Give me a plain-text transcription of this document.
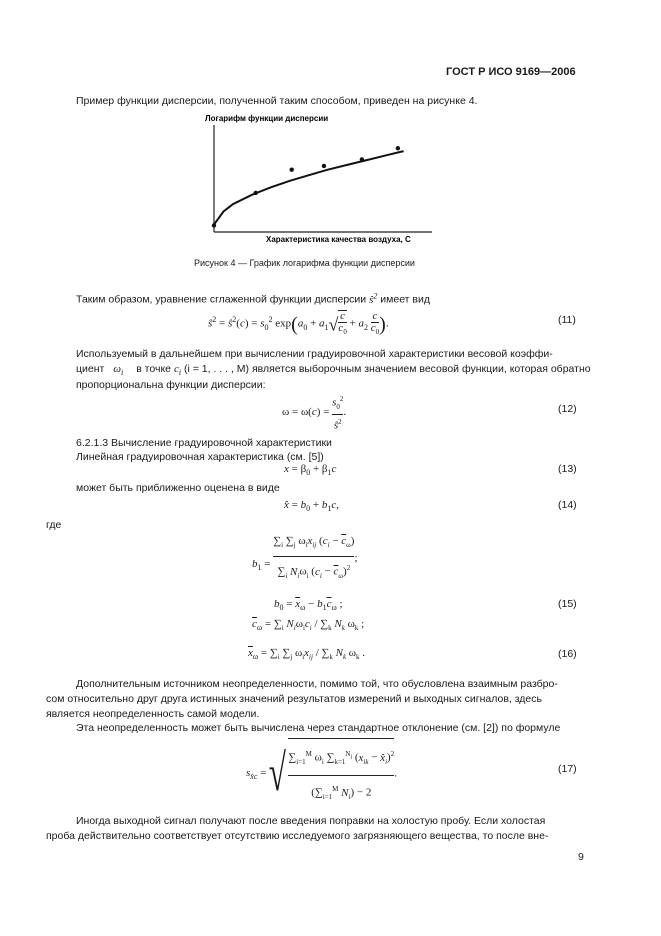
ГОСТ Р ИСО 9169—2006
Пример функции дисперсии, полученной таким способом, приведен на рисунке 4.
Логарифм функции дисперсии
Характеристика качества воздуха, C
Рисунок 4 — График логарифма функции дисперсии
Таким образом, уравнение сглаженной функции дисперсии $ŝ^2$ имеет вид
$ŝ^2$ = $ŝ^2(c) = s_0^2$ $\exp(a_0 + a_1√ \frac{c}{c_0} + a_2 \frac{c}{c_0}$ ).	(11)
Используемый в дальнейшем при вычислении градуировочной характеристики весовой коэффи-
циент $\omega_i$ в точке $c_i$ (i = 1, . . . , M) является выборочным значением весовой функции, которая обратно
пропорциональна функции дисперсии:
$\omega = \omega(c) = \frac{s_0^2}{ŝ^2}$ .	(12)
6.2.1.3 Вычисление градуировочной характеристики
Линейная градуировочная характеристика (см. [5])
$x = \beta_0 + \beta_1c$	(13)
может быть приближенно оценена в виде
x̂ = $b_0 + b_1c$,	(14)
где
$b_1$ =
$\sum_i$ $\sum_j$ $\omega_ix_{ij}$ $(c_i - \overline{c}_\omega)$
$\sum_i$ $N_i\omega_i$ $(c_i - \overline{c}_\omega)^2$
;
$b_0 = \overline{x}_\omega - b_1\overline{c}_\omega$ ;	(15)
$\overline{c}_\omega = \sum_i$ $N_i\omega_ic_i / \sum_k$ $N_k$ $\omega_k$ ;
$\overline{x}_\omega = \sum_i$ $\sum_j$ $\omega_ix_{ij} / \sum_k$ $N_k$ $\omega_k$ .	(16)
Дополнительным источником неопределенности, помимо той, что обусловлена взаимным разбро-
сом относительно друг друга истинных значений результатов измерений и выходных сигналов, здесь
является неопределенность самой модели.
Эта неопределенность может быть вычислена через стандартное отклонение (см. [2]) по формуле
$s_{x̂c}$ = √ $\sum_{i=1}^M$ $\omega_i$ $\sum_{k=1}^{N_i}$ ($x_{ik}$ − $x̂_i)^2$
($\sum_{i=1}^M$ $N_i) - 2$
.	(17)
Иногда выходной сигнал получают после введения поправки на холостую пробу. Если холостая
проба действительно соответствует отсутствию исследуемого загрязняющего вещества, то после вне-
9
